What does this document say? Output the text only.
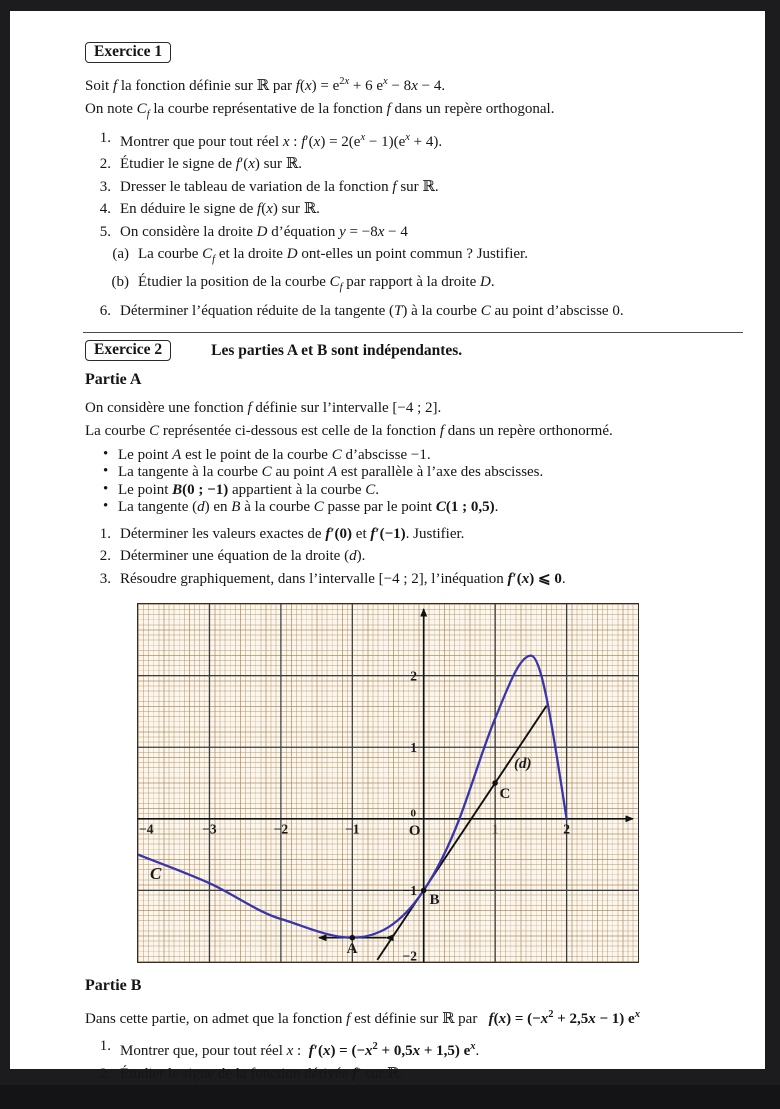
Exercice 1

Soit f la fonction définie sur ℝ par $f(x) = e^{2x} + 6$ $e^x - 8x - 4$.

On note $C_f$ la courbe représentative de la fonction f dans un repère orthogonal.

1. Montrer que pour tout réel x : $f'(x) = 2(e^x - 1)(e^x + 4)$.
2. Étudier le signe de f′(x) sur ℝ.
3. Dresser le tableau de variation de la fonction f sur ℝ.
4. En déduire le signe de f(x) sur ℝ.
5. On considère la droite D d’équation y = −8x − 4
(a) La courbe $C_f$ et la droite D ont-elles un point commun ? Justifier.
(b) Étudier la position de la courbe $C_f$ par rapport à la droite D.
6. Déterminer l’équation réduite de la tangente (T) à la courbe C au point d’abscisse 0.
Exercice 2	Les parties A et B sont indépendantes.
Partie A

On considère une fonction f définie sur l’intervalle [−4 ; 2].

La courbe C représentée ci-dessous est celle de la fonction f dans un repère orthonormé.

• Le point A est le point de la courbe C d’abscisse −1.
• La tangente à la courbe C au point A est parallèle à l’axe des abscisses.
• Le point B(0 ; −1) appartient à la courbe C.
• La tangente (d) en B à la courbe C passe par le point C(1 ; 0,5).
1. Déterminer les valeurs exactes de f′(0) et f′(−1). Justifier.
2. Déterminer une équation de la droite (d).
3. Résoudre graphiquement, dans l’intervalle [−4 ; 2], l’inéquation f′(x) ⩽ 0.
−4	−3	−2	−1	1	2
2
1
0
−1
−2
O
C
(d)
A
B
C
Partie B

Dans cette partie, on admet que la fonction f est définie sur ℝ par   $f(x) = (-x^2 + 2,5x - 1)$ $e^x$

1. Montrer que, pour tout réel x :  $f'(x) = (-x^2 + 0,5x + 1,5)$ $e^x$.
2. Étudier le signe de la fonction dérivée f′ sur ℝ.
3. En déduire les variations de la fonction f sur ℝ.
